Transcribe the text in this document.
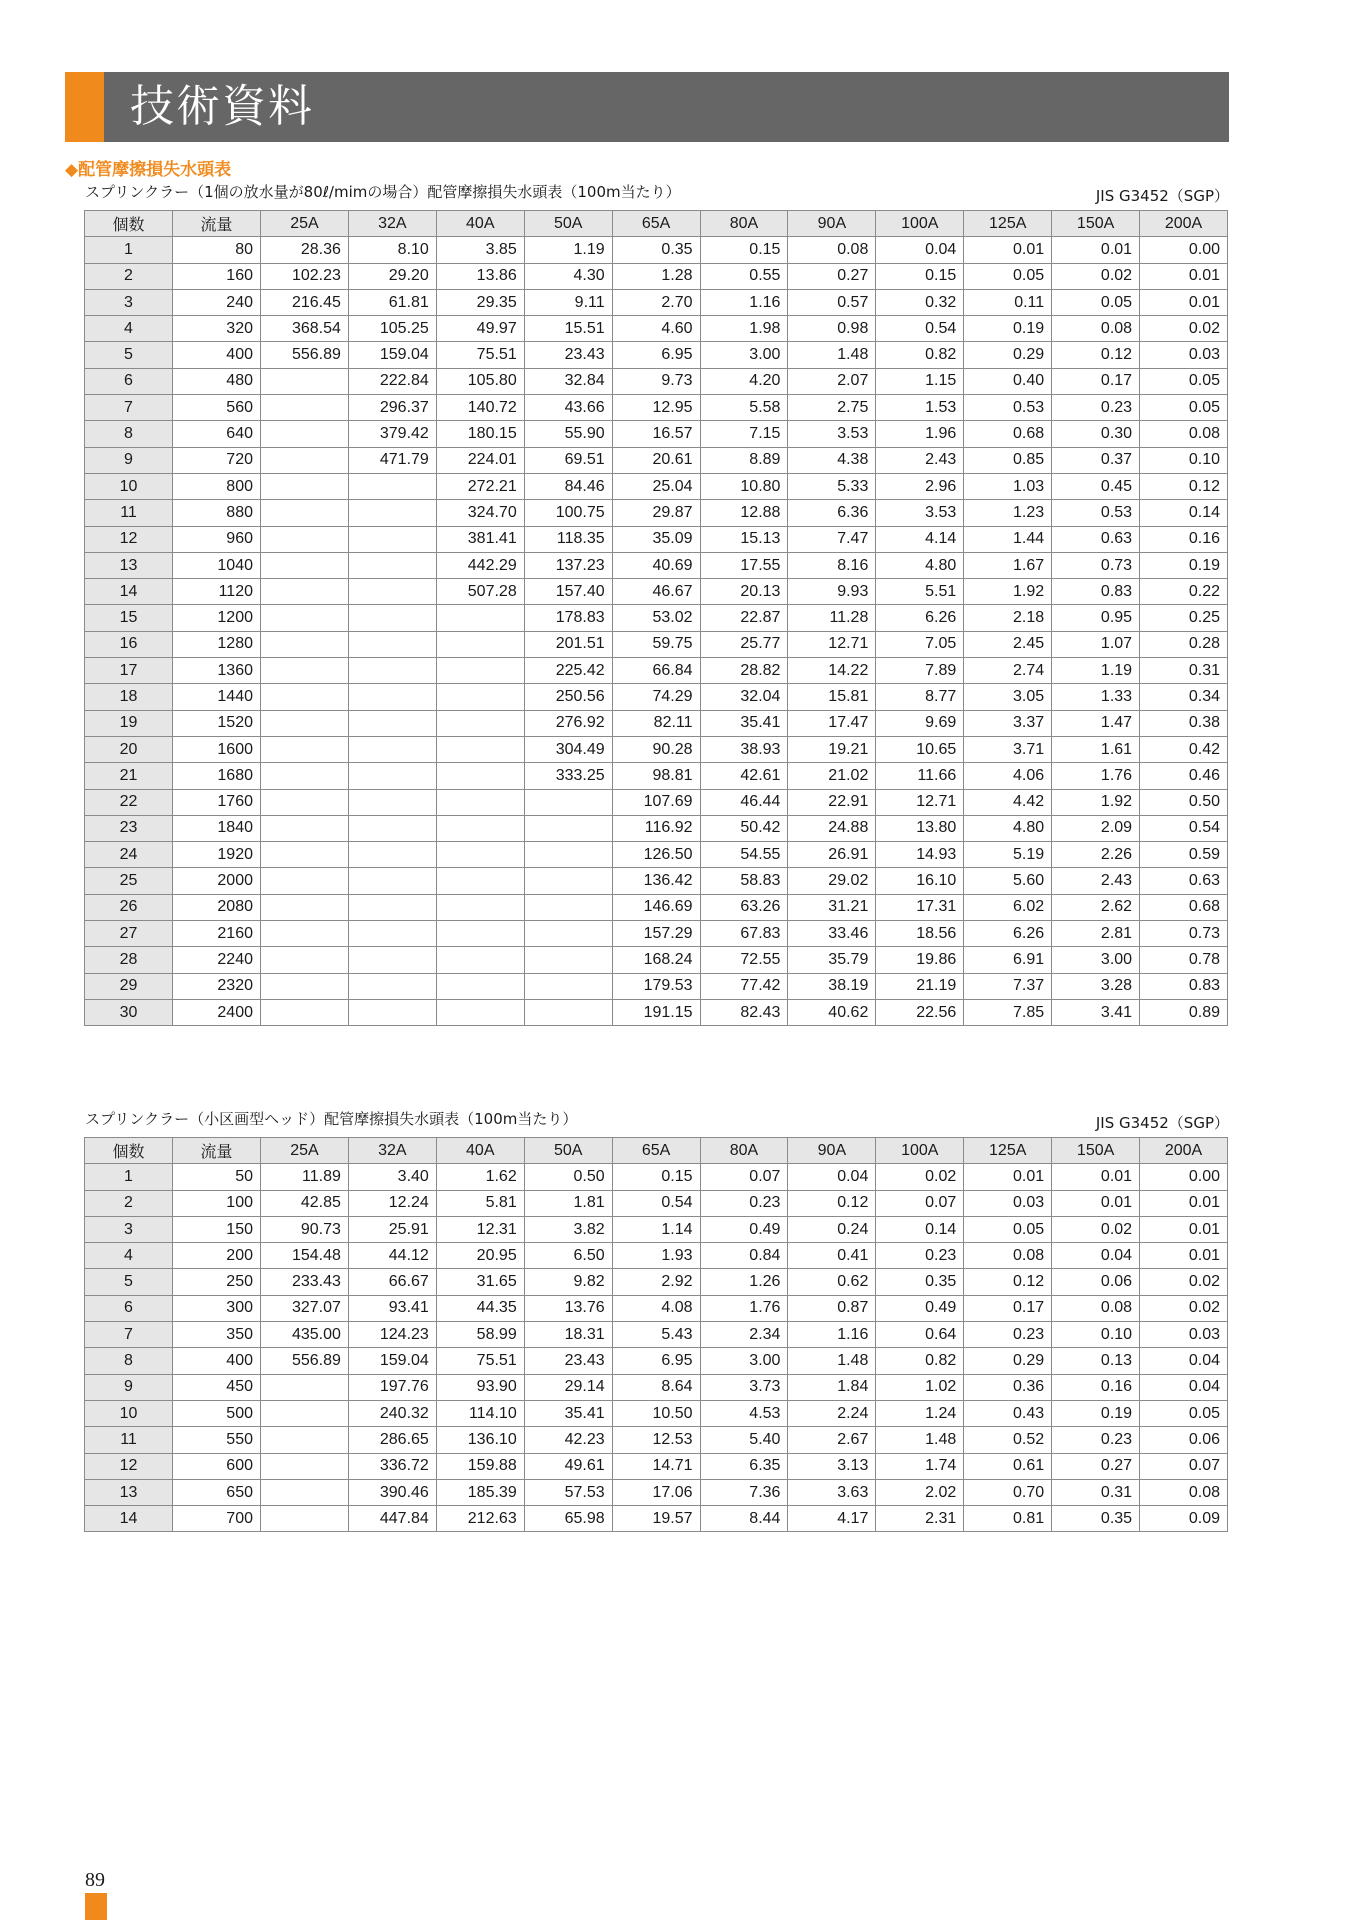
技術資料
◆配管摩擦損失水頭表
スプリンクラー（1個の放水量が80ℓ/mimの場合）配管摩擦損失水頭表（100m当たり）	JIS G3452（SGP）
個数	流量	25A	32A	40A	50A	65A	80A	90A	100A	125A	150A	200A
1	80	28.36	8.10	3.85	1.19	0.35	0.15	0.08	0.04	0.01	0.01	0.00
2	160	102.23	29.20	13.86	4.30	1.28	0.55	0.27	0.15	0.05	0.02	0.01
3	240	216.45	61.81	29.35	9.11	2.70	1.16	0.57	0.32	0.11	0.05	0.01
4	320	368.54	105.25	49.97	15.51	4.60	1.98	0.98	0.54	0.19	0.08	0.02
5	400	556.89	159.04	75.51	23.43	6.95	3.00	1.48	0.82	0.29	0.12	0.03
6	480		222.84	105.80	32.84	9.73	4.20	2.07	1.15	0.40	0.17	0.05
7	560		296.37	140.72	43.66	12.95	5.58	2.75	1.53	0.53	0.23	0.05
8	640		379.42	180.15	55.90	16.57	7.15	3.53	1.96	0.68	0.30	0.08
9	720		471.79	224.01	69.51	20.61	8.89	4.38	2.43	0.85	0.37	0.10
10	800			272.21	84.46	25.04	10.80	5.33	2.96	1.03	0.45	0.12
11	880			324.70	100.75	29.87	12.88	6.36	3.53	1.23	0.53	0.14
12	960			381.41	118.35	35.09	15.13	7.47	4.14	1.44	0.63	0.16
13	1040			442.29	137.23	40.69	17.55	8.16	4.80	1.67	0.73	0.19
14	1120			507.28	157.40	46.67	20.13	9.93	5.51	1.92	0.83	0.22
15	1200				178.83	53.02	22.87	11.28	6.26	2.18	0.95	0.25
16	1280				201.51	59.75	25.77	12.71	7.05	2.45	1.07	0.28
17	1360				225.42	66.84	28.82	14.22	7.89	2.74	1.19	0.31
18	1440				250.56	74.29	32.04	15.81	8.77	3.05	1.33	0.34
19	1520				276.92	82.11	35.41	17.47	9.69	3.37	1.47	0.38
20	1600				304.49	90.28	38.93	19.21	10.65	3.71	1.61	0.42
21	1680				333.25	98.81	42.61	21.02	11.66	4.06	1.76	0.46
22	1760					107.69	46.44	22.91	12.71	4.42	1.92	0.50
23	1840					116.92	50.42	24.88	13.80	4.80	2.09	0.54
24	1920					126.50	54.55	26.91	14.93	5.19	2.26	0.59
25	2000					136.42	58.83	29.02	16.10	5.60	2.43	0.63
26	2080					146.69	63.26	31.21	17.31	6.02	2.62	0.68
27	2160					157.29	67.83	33.46	18.56	6.26	2.81	0.73
28	2240					168.24	72.55	35.79	19.86	6.91	3.00	0.78
29	2320					179.53	77.42	38.19	21.19	7.37	3.28	0.83
30	2400					191.15	82.43	40.62	22.56	7.85	3.41	0.89
スプリンクラー（小区画型ヘッド）配管摩擦損失水頭表（100m当たり）	JIS G3452（SGP）
個数	流量	25A	32A	40A	50A	65A	80A	90A	100A	125A	150A	200A
1	50	11.89	3.40	1.62	0.50	0.15	0.07	0.04	0.02	0.01	0.01	0.00
2	100	42.85	12.24	5.81	1.81	0.54	0.23	0.12	0.07	0.03	0.01	0.01
3	150	90.73	25.91	12.31	3.82	1.14	0.49	0.24	0.14	0.05	0.02	0.01
4	200	154.48	44.12	20.95	6.50	1.93	0.84	0.41	0.23	0.08	0.04	0.01
5	250	233.43	66.67	31.65	9.82	2.92	1.26	0.62	0.35	0.12	0.06	0.02
6	300	327.07	93.41	44.35	13.76	4.08	1.76	0.87	0.49	0.17	0.08	0.02
7	350	435.00	124.23	58.99	18.31	5.43	2.34	1.16	0.64	0.23	0.10	0.03
8	400	556.89	159.04	75.51	23.43	6.95	3.00	1.48	0.82	0.29	0.13	0.04
9	450		197.76	93.90	29.14	8.64	3.73	1.84	1.02	0.36	0.16	0.04
10	500		240.32	114.10	35.41	10.50	4.53	2.24	1.24	0.43	0.19	0.05
11	550		286.65	136.10	42.23	12.53	5.40	2.67	1.48	0.52	0.23	0.06
12	600		336.72	159.88	49.61	14.71	6.35	3.13	1.74	0.61	0.27	0.07
13	650		390.46	185.39	57.53	17.06	7.36	3.63	2.02	0.70	0.31	0.08
14	700		447.84	212.63	65.98	19.57	8.44	4.17	2.31	0.81	0.35	0.09
89
